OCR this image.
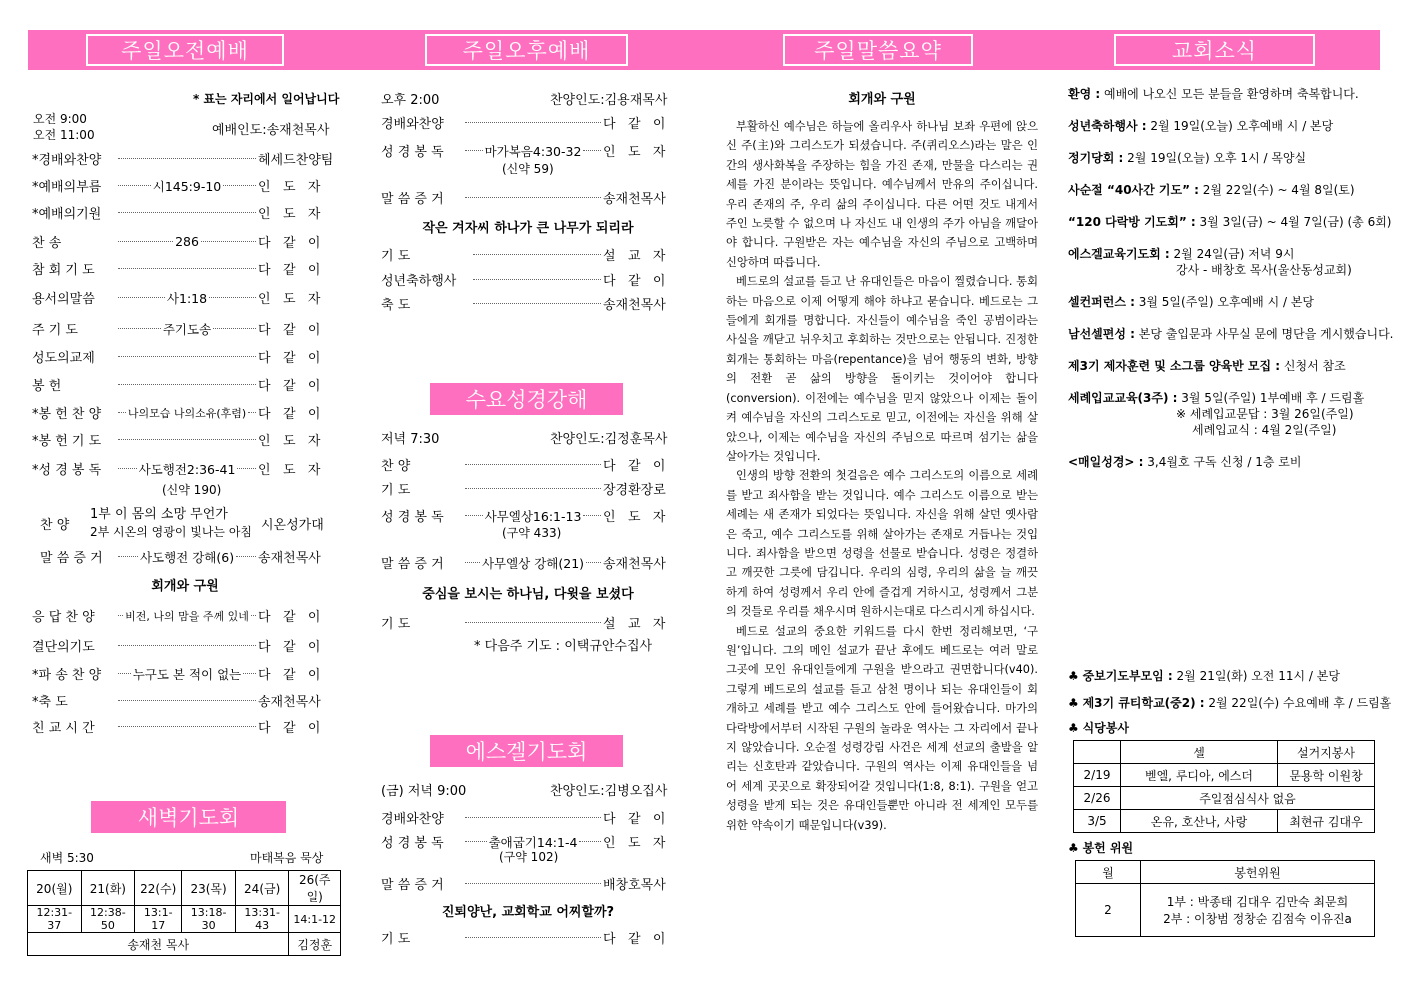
주일오전예배	주일오후예배	주일말씀요약	교회소식
* 표는 자리에서 일어납니다
오전 9:00
오전 11:00	예배인도:송재천목사
*경배와찬양	헤세드찬양팀
*예배의부름	시145:9-10	인   도   자
*예배의기원	인   도   자
찬 송	286	다   같   이
참 회 기 도	다   같   이
용서의말씀	사1:18	인   도   자
주 기 도	주기도송	다   같   이
성도의교제	다   같   이
봉 헌	다   같   이
*봉 헌 찬 양	나의모습 나의소유(후렴) 다   같   이
*봉 헌 기 도	인   도   자
*성 경 봉 독	사도행전2:36-41 인   도   자
(신약 190)
찬 양
1부 이 몸의 소망 무언가
2부 시온의 영광이 빛나는 아침 시온성가대
말 씀 증 거	사도행전 강해(6) 송재천목사
회개와 구원
응 답 찬 양	비전, 나의 맘을 주께 있네 다   같   이
결단의기도	다   같   이
*파 송 찬 양	누구도 본 적이 없는 다   같   이
*축 도	송재천목사
친 교 시 간	다   같   이
새벽기도회
새벽 5:30	마태복음 묵상
20(월)	21(화)	22(수)	23(목)	24(금)	26(주일)
12:31-37	12:38-50	13:1-17	13:18-30	13:31-43	14:1-12
송재천 목사					김정훈
오후 2:00	찬양인도:김용재목사
경배와찬양	다   같   이
성 경 봉 독	마가복음4:30-32 인   도   자
(신약 59)
말 씀 증 거	송재천목사
작은 겨자씨 하나가 큰 나무가 되리라
기 도	설   교   자
성년축하행사	다   같   이
축 도	송재천목사
수요성경강해
저녁 7:30	찬양인도:김정훈목사
찬 양	다   같   이
기 도	장경환장로
성 경 봉 독	사무엘상16:1-13 인   도   자
(구약 433)
말 씀 증 거	사무엘상 강해(21) 송재천목사
중심을 보시는 하나님, 다윗을 보셨다
기 도	설   교   자
* 다음주 기도 : 이택규안수집사
에스겔기도회
(금) 저녁 9:00	찬양인도:김병오집사
경배와찬양	다   같   이
성 경 봉 독	출애굽기14:1-4 인   도   자
(구약 102)
말 씀 증 거	배창호목사
진퇴양난, 교회학교 어찌할까?
기 도	다   같   이
회개와 구원

부활하신 예수님은 하늘에 올리우사 하나님 보좌 우편에 앉으신 주(主)와 그리스도가 되셨습니다. 주(퀴리오스)라는 말은 인간의 생사화복을 주장하는 힘을 가진 존재, 만물을 다스리는 권세를 가진 분이라는 뜻입니다. 예수님께서 만유의 주이십니다. 우리 존재의 주, 우리 삶의 주이십니다. 다른 어떤 것도 내게서 주인 노릇할 수 없으며 나 자신도 내 인생의 주가 아님을 깨달아야 합니다. 구원받은 자는 예수님을 자신의 주님으로 고백하며 신앙하며 따릅니다.

베드로의 설교를 듣고 난 유대인들은 마음이 찔렸습니다. 통회하는 마음으로 이제 어떻게 해야 하냐고 묻습니다. 베드로는 그들에게 회개를 명합니다. 자신들이 예수님을 죽인 공범이라는 사실을 깨닫고 뉘우치고 후회하는 것만으로는 안됩니다. 진정한 회개는 통회하는 마음(repentance)을 넘어 행동의 변화, 방향의 전환 곧 삶의 방향을 돌이키는 것이어야 합니다(conversion). 이전에는 예수님을 믿지 않았으나 이제는 돌이켜 예수님을 자신의 그리스도로 믿고, 이전에는 자신을 위해 살았으나, 이제는 예수님을 자신의 주님으로 따르며 섬기는 삶을 살아가는 것입니다.

인생의 방향 전환의 첫걸음은 예수 그리스도의 이름으로 세례를 받고 죄사함을 받는 것입니다. 예수 그리스도 이름으로 받는 세례는 새 존재가 되었다는 뜻입니다. 자신을 위해 살던 옛사람은 죽고, 예수 그리스도를 위해 살아가는 존재로 거듭나는 것입니다. 죄사함을 받으면 성령을 선물로 받습니다. 성령은 정결하고 깨끗한 그릇에 담깁니다. 우리의 심령, 우리의 삶을 늘 깨끗하게 하여 성령께서 우리 안에 즐겁게 거하시고, 성령께서 그분의 것들로 우리를 채우시며 원하시는대로 다스리시게 하십시다.

베드로 설교의 중요한 키워드를 다시 한번 정리해보면, ‘구원’입니다. 그의 메인 설교가 끝난 후에도 베드로는 여러 말로 그곳에 모인 유대인들에게 구원을 받으라고 권면합니다(v40). 그렇게 베드로의 설교를 듣고 삼천 명이나 되는 유대인들이 회개하고 세례를 받고 예수 그리스도 안에 들어왔습니다. 마가의 다락방에서부터 시작된 구원의 놀라운 역사는 그 자리에서 끝나지 않았습니다. 오순절 성령강림 사건은 세계 선교의 출발을 알리는 신호탄과 같았습니다. 구원의 역사는 이제 유대인들을 넘어 세계 곳곳으로 확장되어갈 것입니다(1:8, 8:1). 구원을 얻고 성령을 받게 되는 것은 유대인들뿐만 아니라 전 세계인 모두를 위한 약속이기 때문입니다(v39).

환영 : 예배에 나오신 모든 분들을 환영하며 축복합니다.
성년축하행사 : 2월 19일(오늘) 오후예배 시 / 본당
정기당회 : 2월 19일(오늘) 오후 1시 / 목양실
사순절 “40사간 기도” : 2월 22일(수) ~ 4월 8일(토)
“120 다락방 기도회” : 3월 3일(금) ~ 4월 7일(금) (총 6회)
에스겔교육기도회 : 2월 24일(금) 저녁 9시
셀컨퍼런스 : 3월 5일(주일) 오후예배 시 / 본당
남선셀편성 : 본당 출입문과 사무실 문에 명단을 게시했습니다.
제3기 제자훈련 및 소그룹 양육반 모집 : 신청서 참조
세례입교교육(3주) : 3월 5일(주일) 1부예배 후 / 드림홀
<매일성경> : 3,4월호 구독 신청 / 1층 로비
강사 - 배창호 목사(울산동성교회)
※ 세례입교문답 : 3월 26일(주일)
세례입교식 : 4월 2일(주일)
♣ 중보기도부모임 : 2월 21일(화) 오전 11시 / 본당
♣ 제3기 큐티학교(중2) : 2월 22일(수) 수요예배 후 / 드림홀
♣ 식당봉사
	셀	설거지봉사
2/19	벧엘, 루디아, 에스더	문용학 이원창
2/26	주일점심식사 없음	
3/5	온유, 호산나, 사랑	최현규 김대우
♣ 봉헌 위원
월	봉헌위원
2	1부 : 박종태 김대우 김만숙 최문희
2부 : 이창범 정창순 김점숙 이유진a
